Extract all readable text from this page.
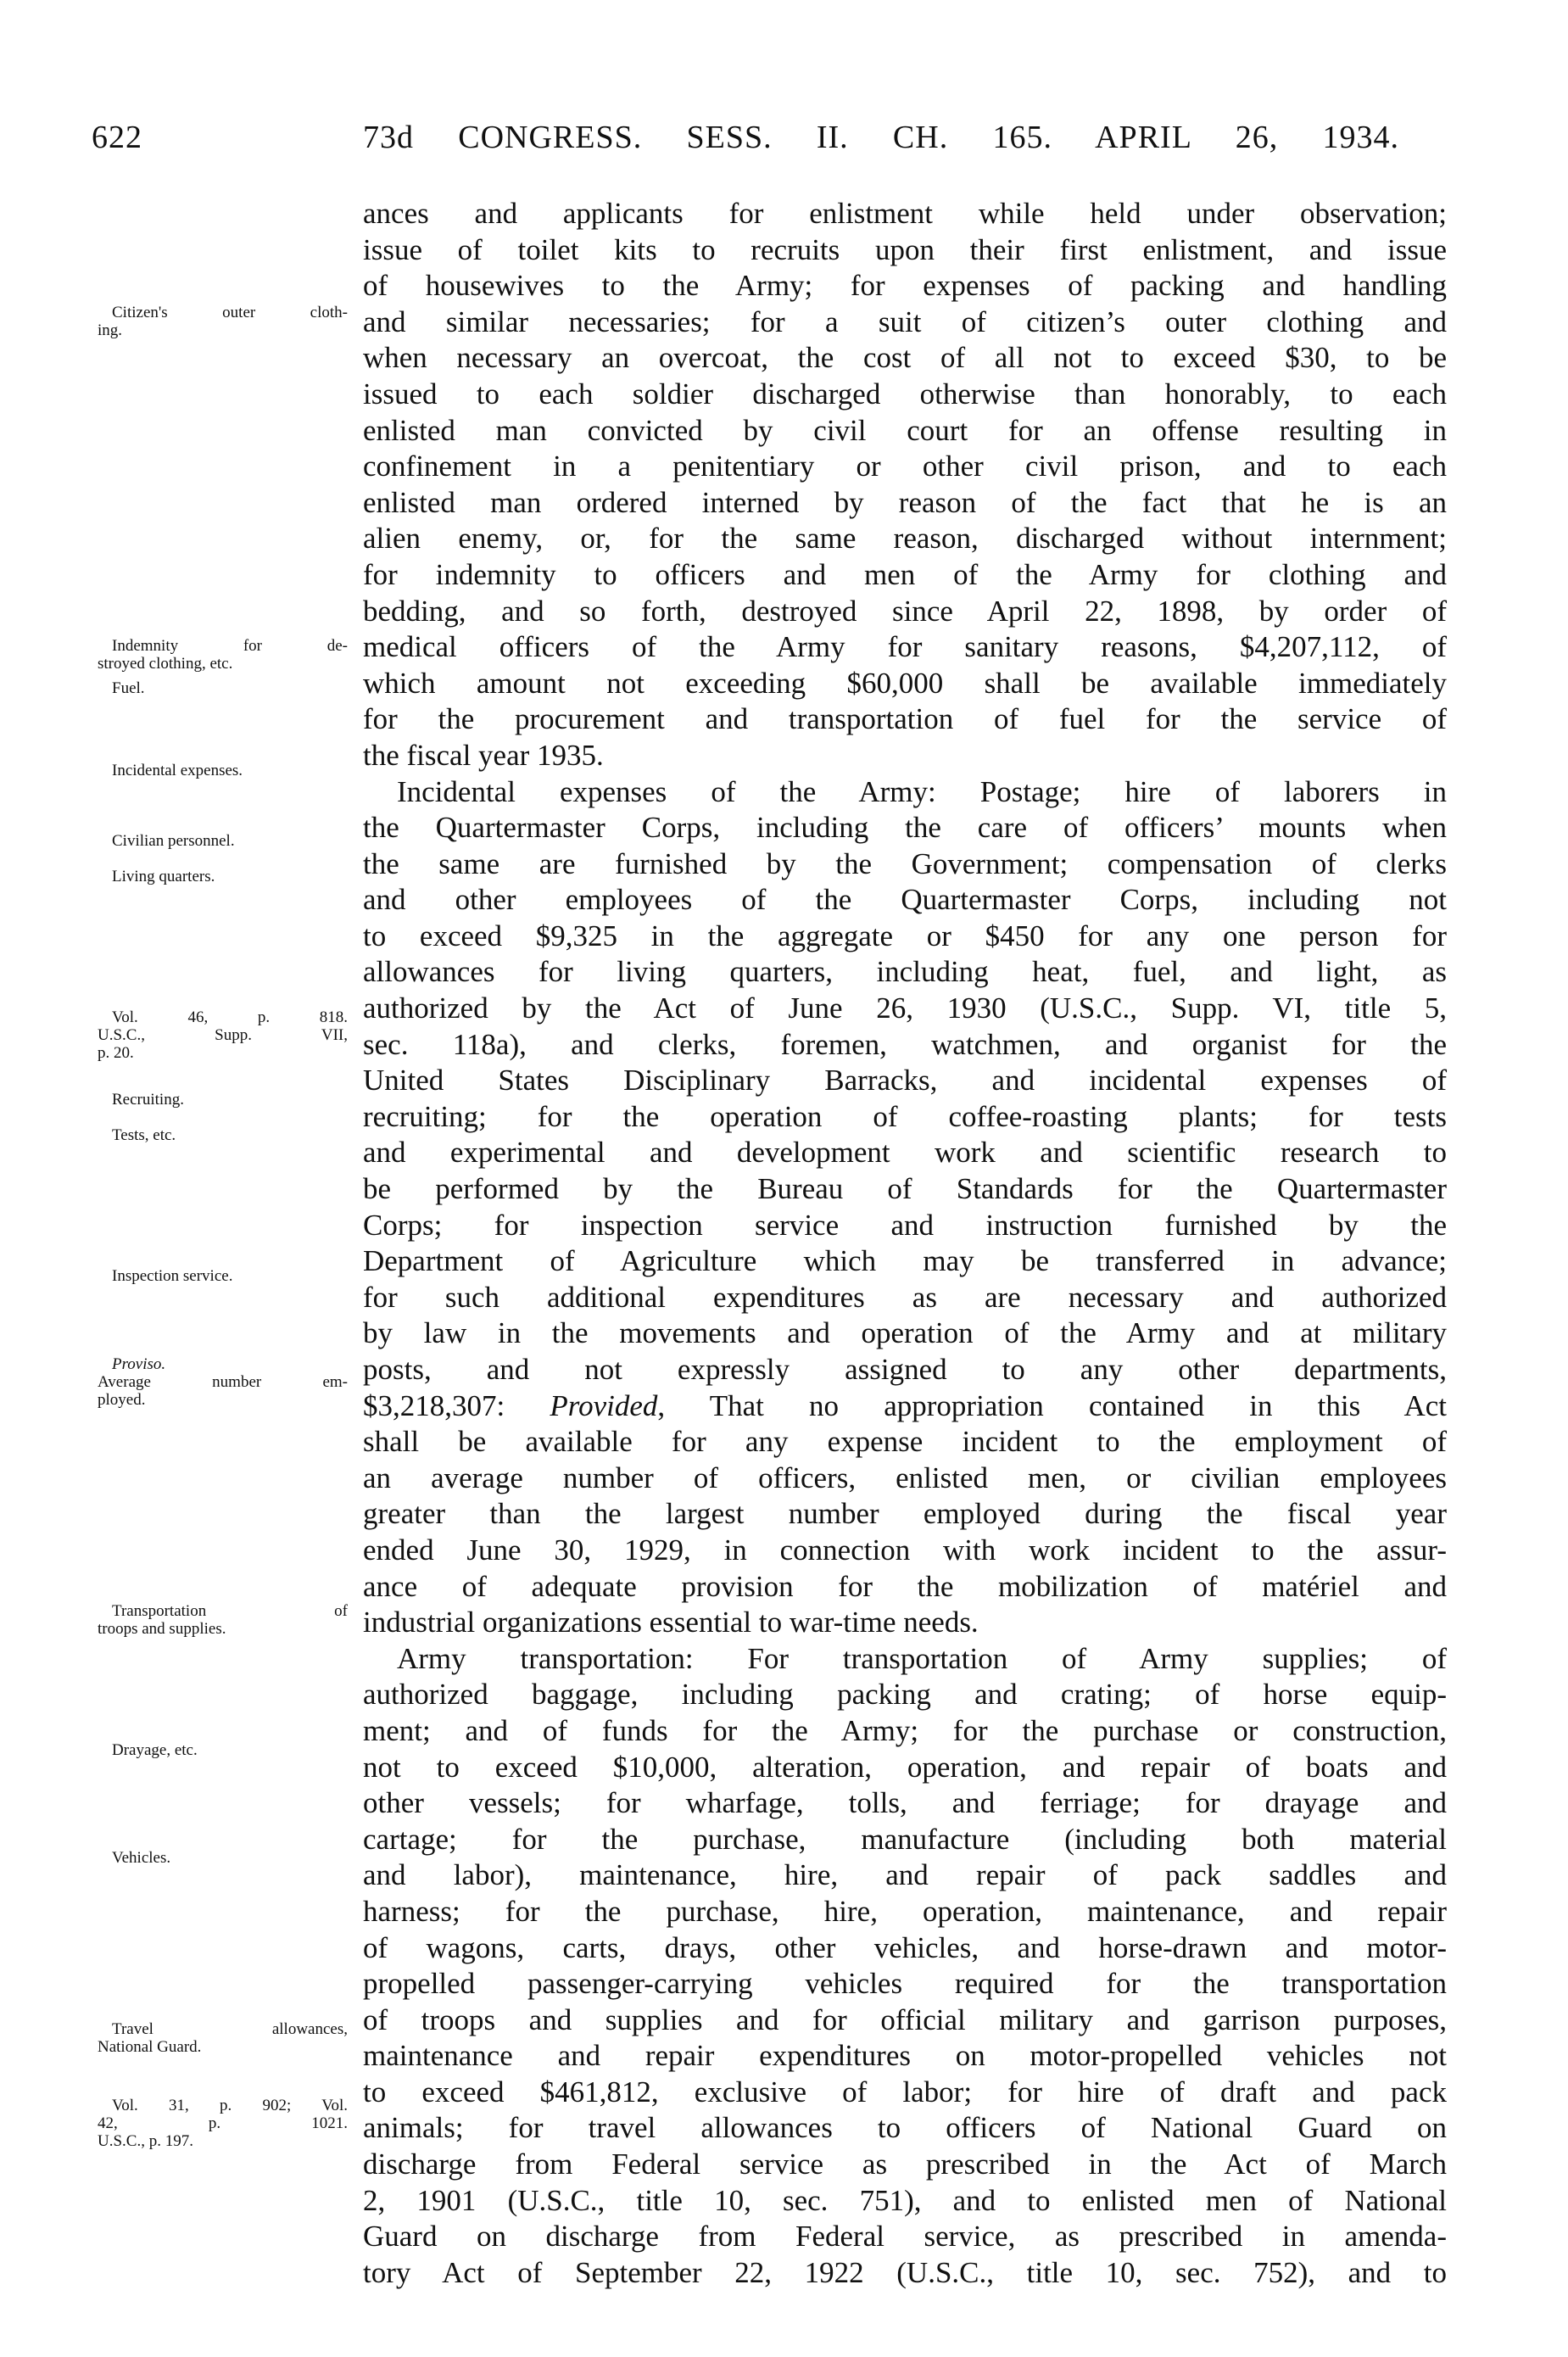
622	73d CONGRESS. SESS. II. CH. 165. APRIL 26, 1934.
Citizen's outer cloth-
ing.
Indemnity for de-
stroyed clothing, etc.
Fuel.
Incidental expenses.
Civilian personnel.
Living quarters.
Vol. 46, p. 818.
U.S.C., Supp. VII,
p. 20.
Recruiting.
Tests, etc.
Inspection service.
Proviso.
Average number em-
ployed.
Transportation of
troops and supplies.
Drayage, etc.
Vehicles.
Travel allowances,
National Guard.
Vol. 31, p. 902; Vol.
42, p. 1021.
U.S.C., p. 197.
ances and applicants for enlistment while held under observation;
issue of toilet kits to recruits upon their first enlistment, and issue
of housewives to the Army; for expenses of packing and handling
and similar necessaries; for a suit of citizen’s outer clothing and
when necessary an overcoat, the cost of all not to exceed $30, to be
issued to each soldier discharged otherwise than honorably, to each
enlisted man convicted by civil court for an offense resulting in
confinement in a penitentiary or other civil prison, and to each
enlisted man ordered interned by reason of the fact that he is an
alien enemy, or, for the same reason, discharged without internment;
for indemnity to officers and men of the Army for clothing and
bedding, and so forth, destroyed since April 22, 1898, by order of
medical officers of the Army for sanitary reasons, $4,207,112, of
which amount not exceeding $60,000 shall be available immediately
for the procurement and transportation of fuel for the service of
the fiscal year 1935.
Incidental expenses of the Army: Postage; hire of laborers in
the Quartermaster Corps, including the care of officers’ mounts when
the same are furnished by the Government; compensation of clerks
and other employees of the Quartermaster Corps, including not
to exceed $9,325 in the aggregate or $450 for any one person for
allowances for living quarters, including heat, fuel, and light, as
authorized by the Act of June 26, 1930 (U.S.C., Supp. VI, title 5,
sec. 118a), and clerks, foremen, watchmen, and organist for the
United States Disciplinary Barracks, and incidental expenses of
recruiting; for the operation of coffee-roasting plants; for tests
and experimental and development work and scientific research to
be performed by the Bureau of Standards for the Quartermaster
Corps; for inspection service and instruction furnished by the
Department of Agriculture which may be transferred in advance;
for such additional expenditures as are necessary and authorized
by law in the movements and operation of the Army and at military
posts, and not expressly assigned to any other departments,
$3,218,307: Provided, That no appropriation contained in this Act
shall be available for any expense incident to the employment of
an average number of officers, enlisted men, or civilian employees
greater than the largest number employed during the fiscal year
ended June 30, 1929, in connection with work incident to the assur-
ance of adequate provision for the mobilization of matériel and
industrial organizations essential to war-time needs.
Army transportation: For transportation of Army supplies; of
authorized baggage, including packing and crating; of horse equip-
ment; and of funds for the Army; for the purchase or construction,
not to exceed $10,000, alteration, operation, and repair of boats and
other vessels; for wharfage, tolls, and ferriage; for drayage and
cartage; for the purchase, manufacture (including both material
and labor), maintenance, hire, and repair of pack saddles and
harness; for the purchase, hire, operation, maintenance, and repair
of wagons, carts, drays, other vehicles, and horse-drawn and motor-
propelled passenger-carrying vehicles required for the transportation
of troops and supplies and for official military and garrison purposes,
maintenance and repair expenditures on motor-propelled vehicles not
to exceed $461,812, exclusive of labor; for hire of draft and pack
animals; for travel allowances to officers of National Guard on
discharge from Federal service as prescribed in the Act of March
2, 1901 (U.S.C., title 10, sec. 751), and to enlisted men of National
Guard on discharge from Federal service, as prescribed in amenda-
tory Act of September 22, 1922 (U.S.C., title 10, sec. 752), and to
